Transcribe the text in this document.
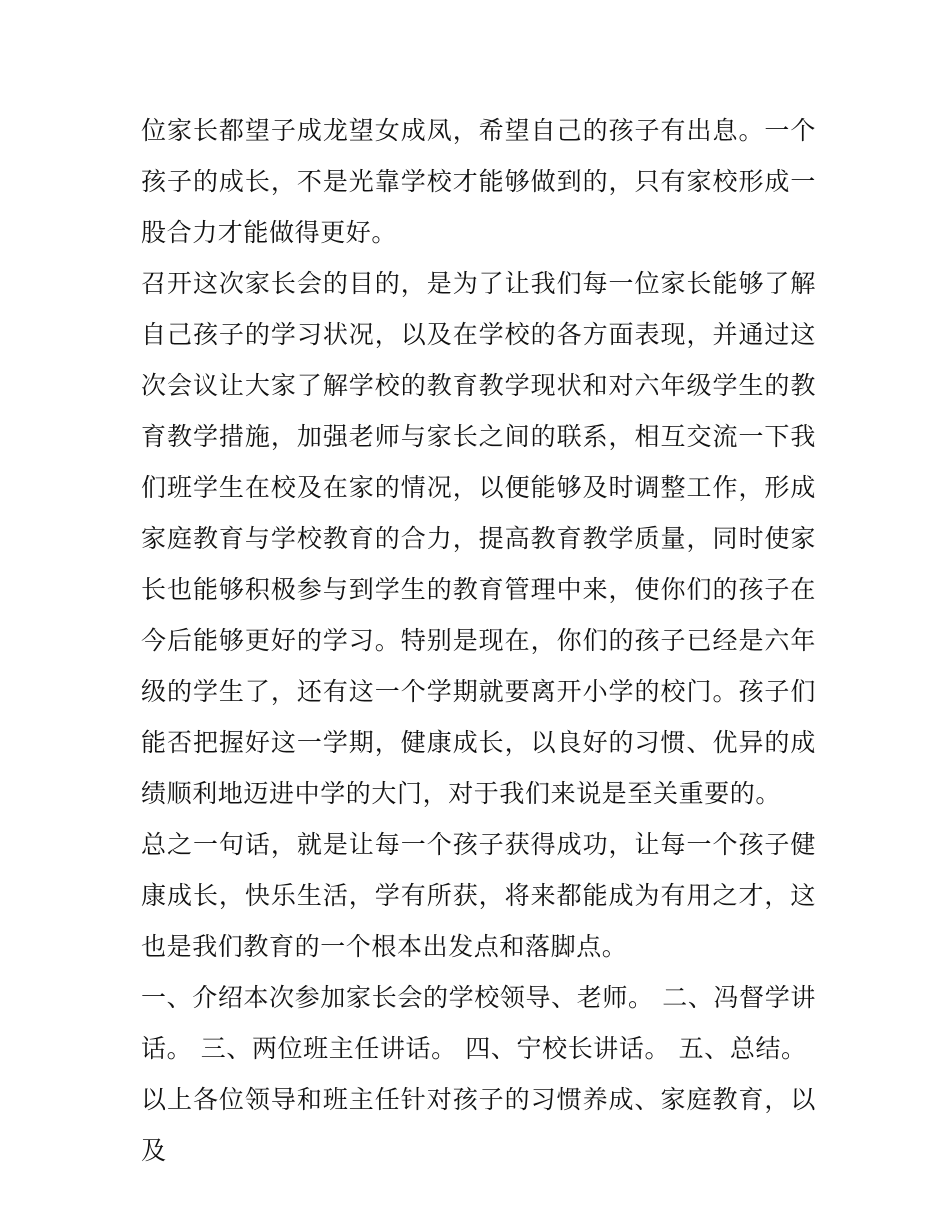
位家长都望子成龙望女成凤，希望自己的孩子有出息。一个孩子的成长，不是光靠学校才能够做到的，只有家校形成一股合力才能做得更好。

召开这次家长会的目的，是为了让我们每一位家长能够了解自己孩子的学习状况，以及在学校的各方面表现，并通过这次会议让大家了解学校的教育教学现状和对六年级学生的教育教学措施，加强老师与家长之间的联系，相互交流一下我们班学生在校及在家的情况，以便能够及时调整工作，形成家庭教育与学校教育的合力，提高教育教学质量，同时使家长也能够积极参与到学生的教育管理中来，使你们的孩子在今后能够更好的学习。特别是现在，你们的孩子已经是六年级的学生了，还有这一个学期就要离开小学的校门。孩子们能否把握好这一学期，健康成长，以良好的习惯、优异的成绩顺利地迈进中学的大门，对于我们来说是至关重要的。

总之一句话，就是让每一个孩子获得成功，让每一个孩子健康成长，快乐生活，学有所获，将来都能成为有用之才，这也是我们教育的一个根本出发点和落脚点。

一、介绍本次参加家长会的学校领导、老师。 二、冯督学讲话。 三、两位班主任讲话。 四、宁校长讲话。 五、总结。

以上各位领导和班主任针对孩子的习惯养成、家庭教育，以及
